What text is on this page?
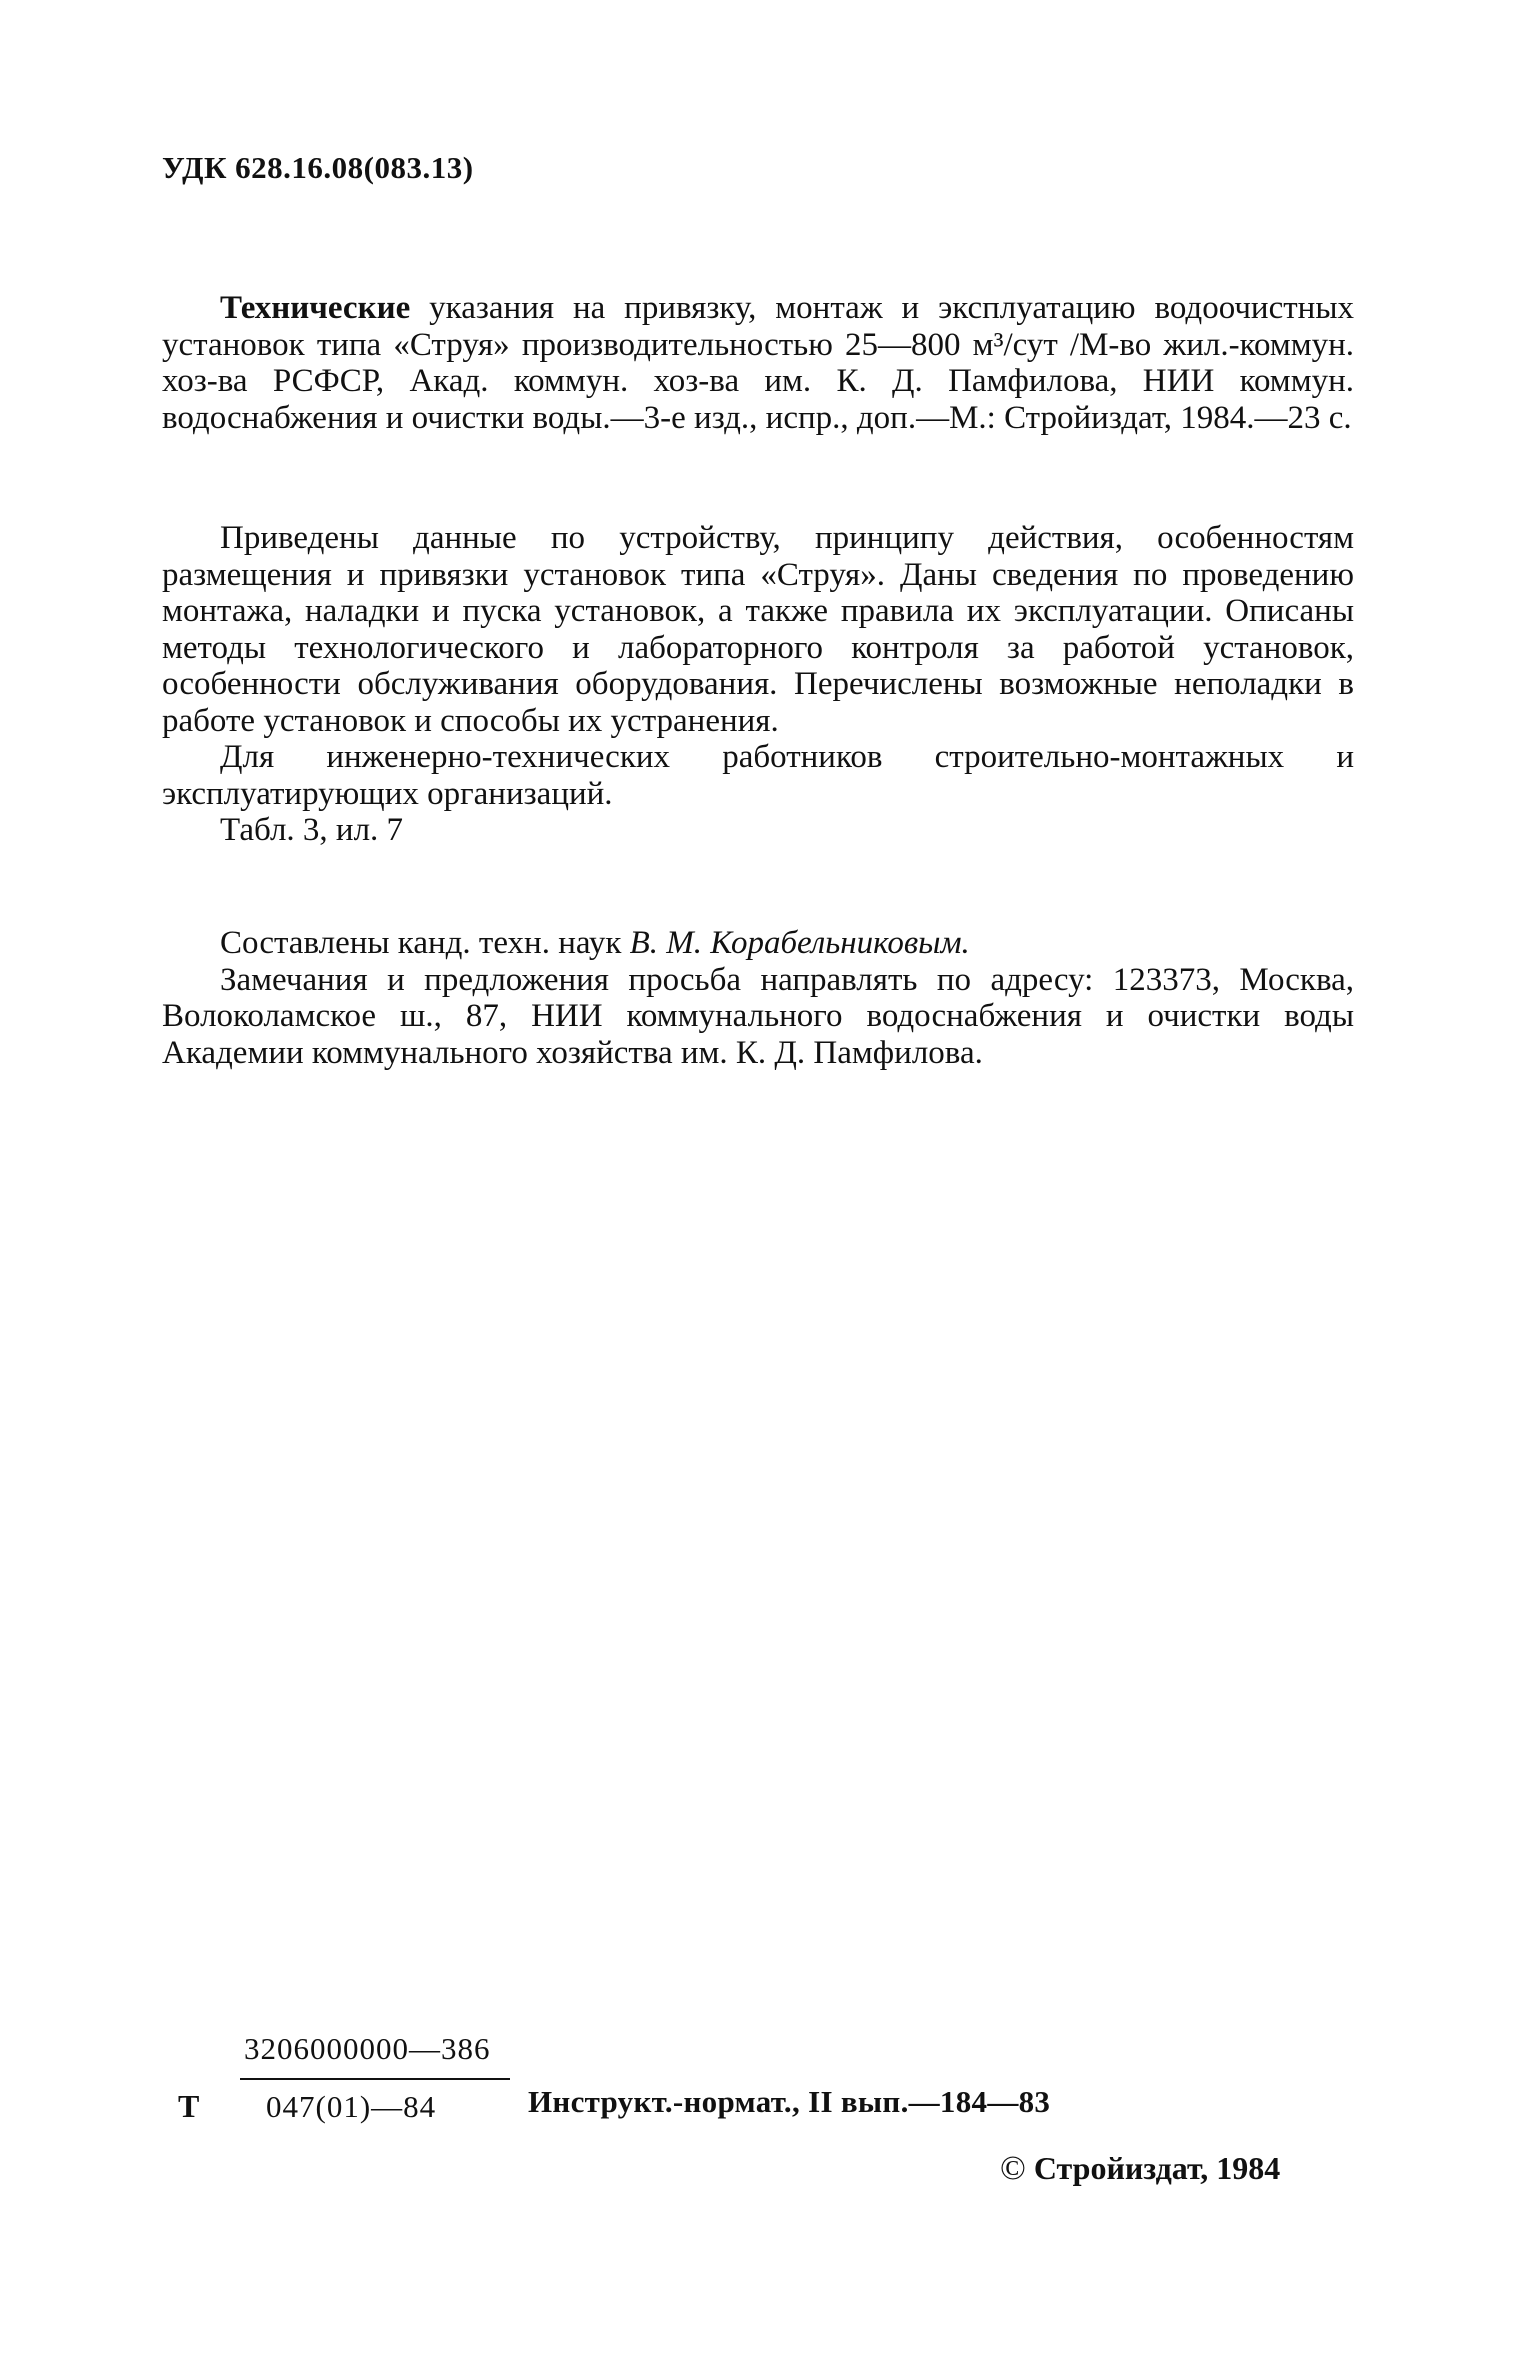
УДК 628.16.08(083.13)

Технические указания на привязку, монтаж и эксплуатацию водоочистных установок типа «Струя» производительностью 25—800 м³/сут /М-во жил.-коммун. хоз-ва РСФСР, Акад. коммун. хоз-ва им. К. Д. Памфилова, НИИ коммун. водоснабжения и очистки воды.—3-е изд., испр., доп.—М.: Стройиздат, 1984.—23 с.

Приведены данные по устройству, принципу действия, особенностям размещения и привязки установок типа «Струя». Даны сведения по проведению монтажа, наладки и пуска установок, а также правила их эксплуатации. Описаны методы технологического и лабораторного контроля за работой установок, особенности обслуживания оборудования. Перечислены возможные неполадки в работе установок и способы их устранения.

Для инженерно-технических работников строительно-монтажных и эксплуатирующих организаций.

Табл. 3, ил. 7

Составлены канд. техн. наук В. М. Корабельниковым.

Замечания и предложения просьба направлять по адресу: 123373, Москва, Волоколамское ш., 87, НИИ коммунального водоснабжения и очистки воды Академии коммунального хозяйства им. К. Д. Памфилова.

Т
3206000000—386
047(01)—84	Инструкт.-нормат., II вып.—184—83
© Стройиздат, 1984
